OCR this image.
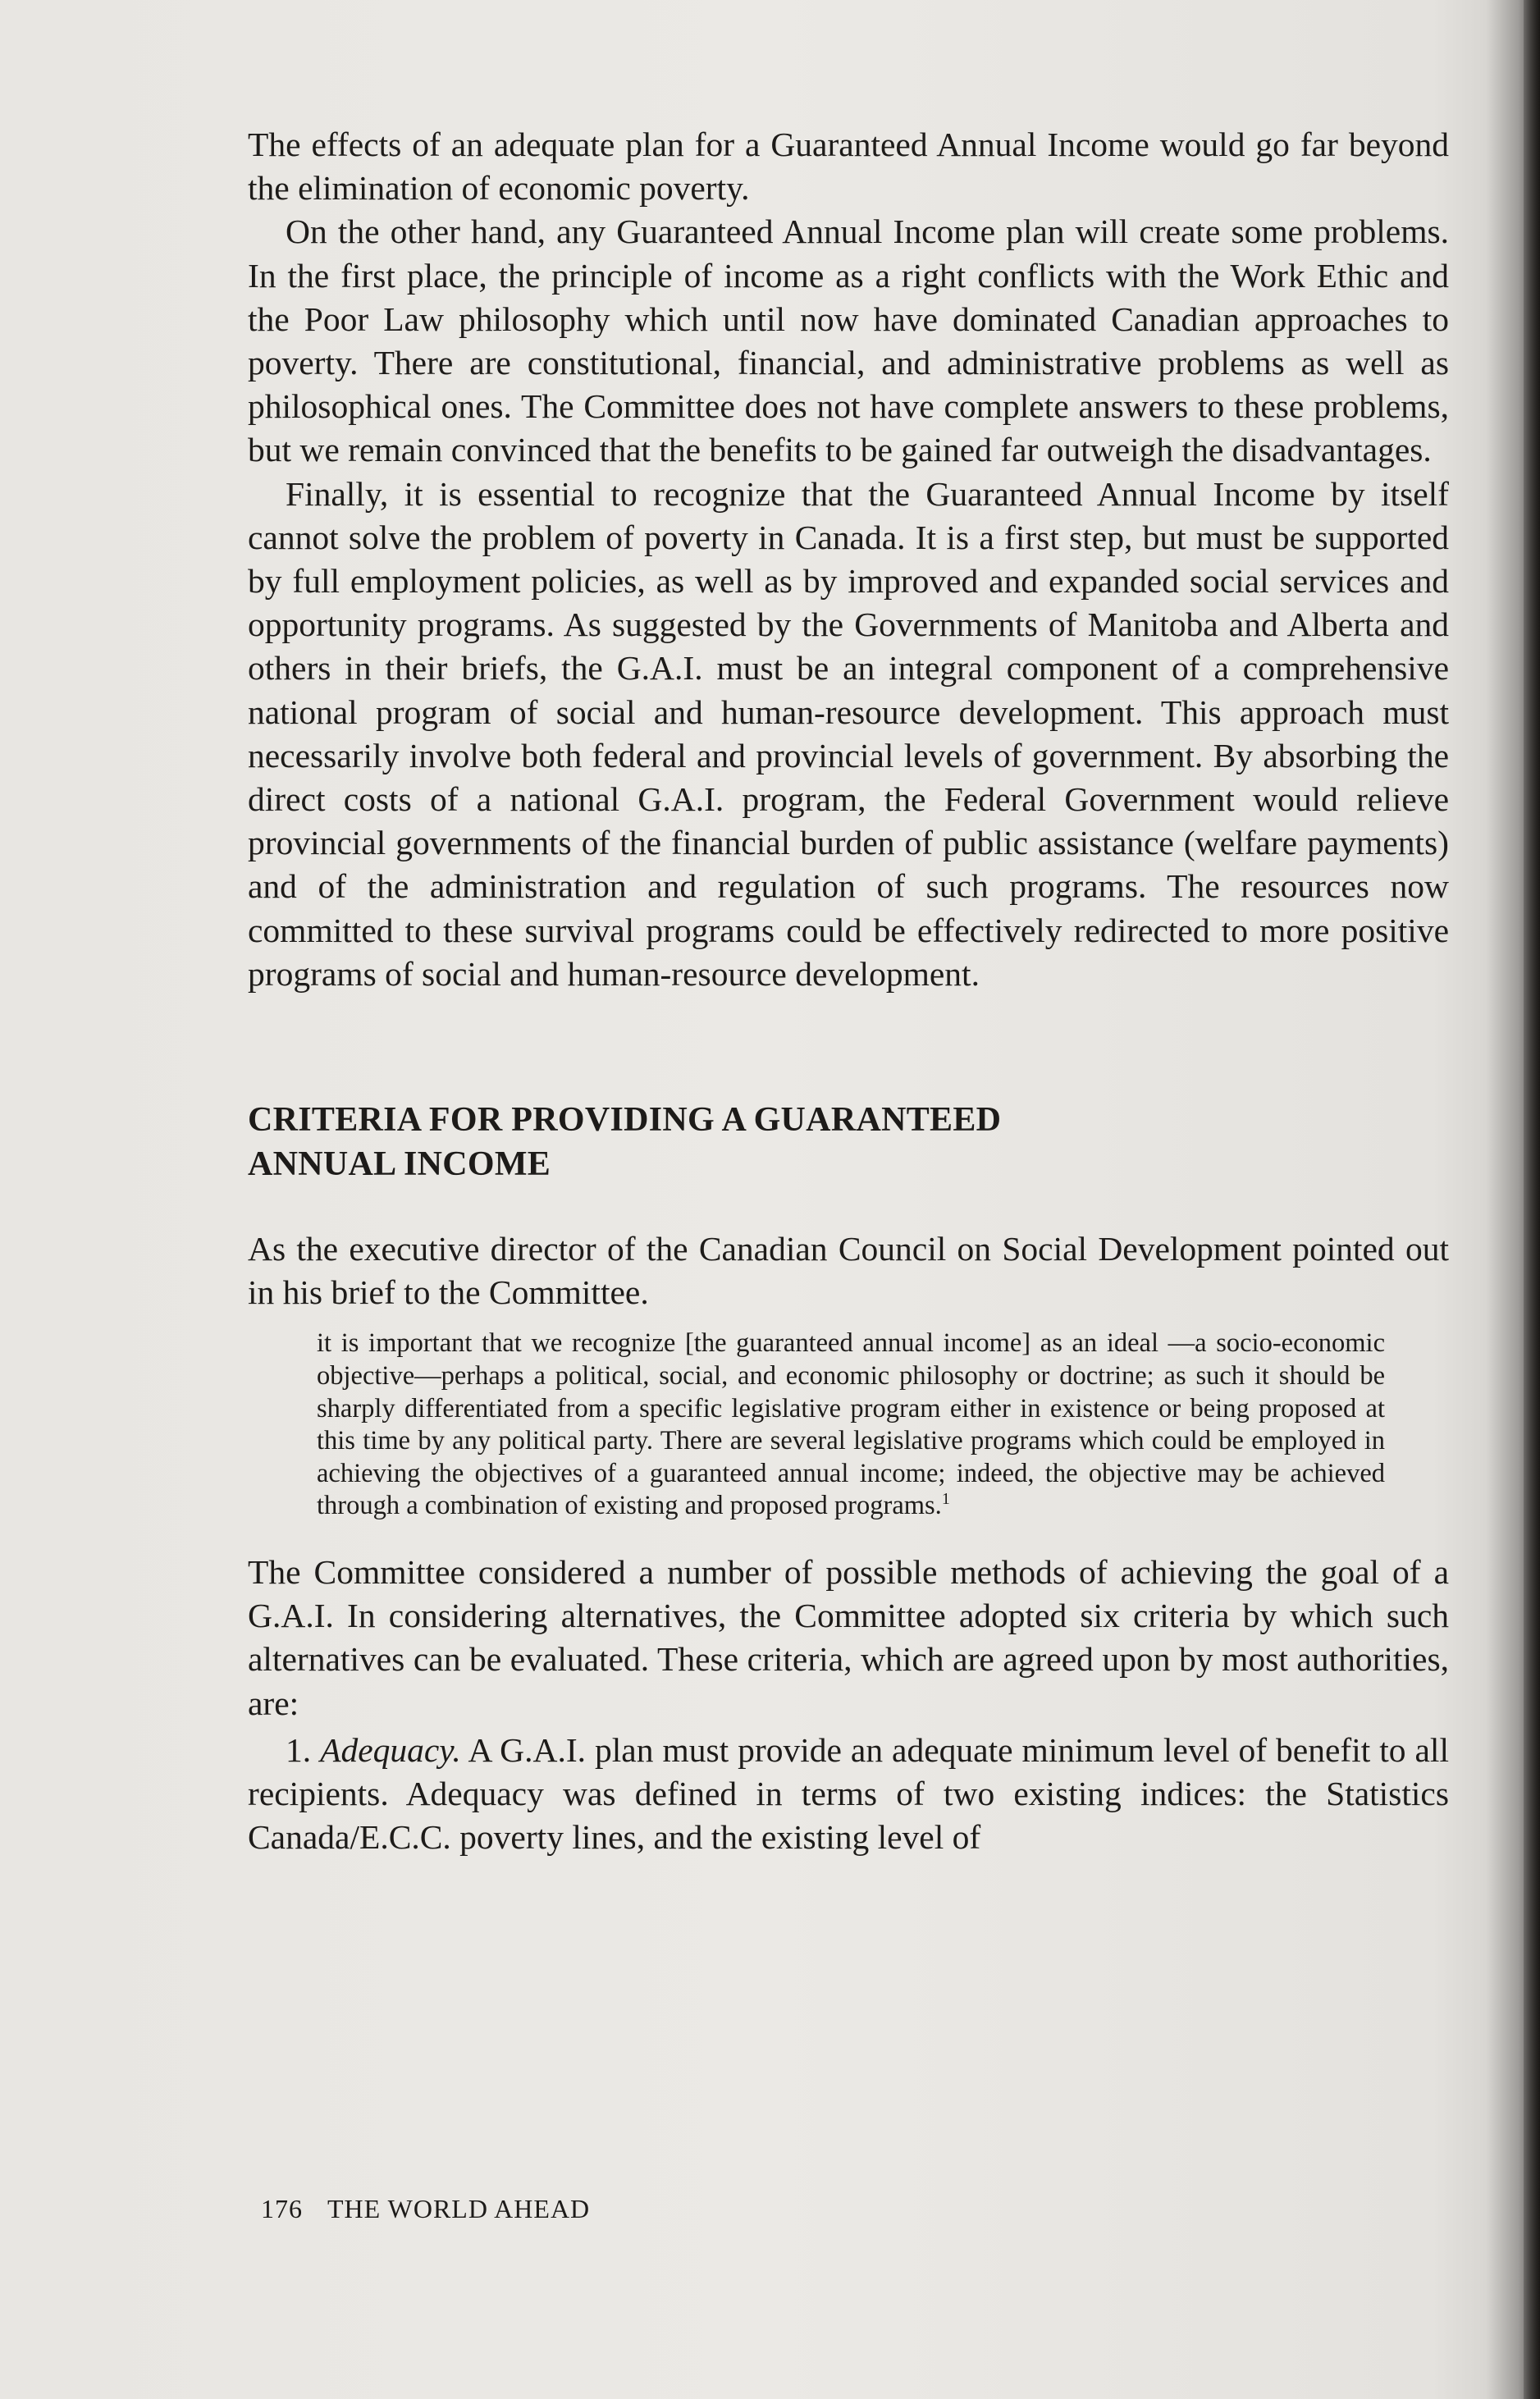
The effects of an adequate plan for a Guaranteed Annual Income would go far beyond the elimination of economic poverty.

On the other hand, any Guaranteed Annual Income plan will create some problems. In the first place, the principle of income as a right conflicts with the Work Ethic and the Poor Law philosophy which until now have dominated Canadian approaches to poverty. There are constitutional, financial, and administrative problems as well as philosophical ones. The Committee does not have complete answers to these problems, but we remain convinced that the benefits to be gained far outweigh the disadvantages.

Finally, it is essential to recognize that the Guaranteed Annual Income by itself cannot solve the problem of poverty in Canada. It is a first step, but must be supported by full employment policies, as well as by improved and expanded social services and opportunity programs. As suggested by the Governments of Manitoba and Alberta and others in their briefs, the G.A.I. must be an integral component of a comprehensive national program of social and human-resource development. This approach must necessarily involve both federal and provincial levels of government. By absorbing the direct costs of a national G.A.I. program, the Federal Government would relieve provincial governments of the financial burden of public assistance (welfare payments) and of the administration and regulation of such programs. The resources now committed to these survival programs could be effectively redirected to more positive programs of social and human-resource development.

CRITERIA FOR PROVIDING A GUARANTEED
ANNUAL INCOME

As the executive director of the Canadian Council on Social Development pointed out in his brief to the Committee.

it is important that we recognize [the guaranteed annual income] as an ideal —a socio-economic objective—perhaps a political, social, and economic philosophy or doctrine; as such it should be sharply differentiated from a specific legislative program either in existence or being proposed at this time by any political party. There are several legislative programs which could be employed in achieving the objectives of a guaranteed annual income; indeed, the objective may be achieved through a combination of existing and proposed programs.$^1$

The Committee considered a number of possible methods of achieving the goal of a G.A.I. In considering alternatives, the Committee adopted six criteria by which such alternatives can be evaluated. These criteria, which are agreed upon by most authorities, are:

1. Adequacy. A G.A.I. plan must provide an adequate minimum level of benefit to all recipients. Adequacy was defined in terms of two existing indices: the Statistics Canada/E.C.C. poverty lines, and the existing level of

176 THE WORLD AHEAD
